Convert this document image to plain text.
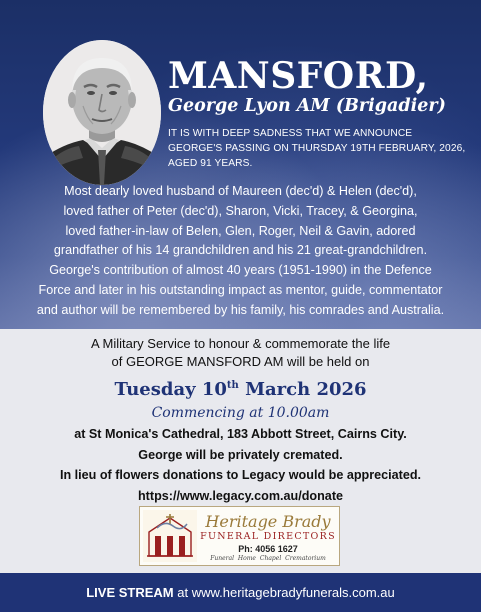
MANSFORD,
George Lyon AM (Brigadier)
IT IS WITH DEEP SADNESS THAT WE ANNOUNCE
GEORGE'S PASSING ON THURSDAY 19TH FEBRUARY, 2026,
AGED 91 YEARS.
Most dearly loved husband of Maureen (dec'd) & Helen (dec'd),
loved father of Peter (dec'd), Sharon, Vicki, Tracey, & Georgina,
loved father-in-law of Belen, Glen, Roger, Neil & Gavin, adored
grandfather of his 14 grandchildren and his 21 great-grandchildren.
George's contribution of almost 40 years (1951-1990) in the Defence
Force and later in his outstanding impact as mentor, guide, commentator
and author will be remembered by his family, his comrades and Australia.
A Military Service to honour & commemorate the life
of GEORGE MANSFORD AM will be held on
Tuesday 10th March 2026
Commencing at 10.00am
at St Monica's Cathedral, 183 Abbott Street, Cairns City.
George will be privately cremated.
In lieu of flowers donations to Legacy would be appreciated.
https://www.legacy.com.au/donate
Heritage Brady
FUNERAL DIRECTORS
Ph: 4056 1627
Funeral Home Chapel Crematorium
LIVE STREAM at www.heritagebradyfunerals.com.au
